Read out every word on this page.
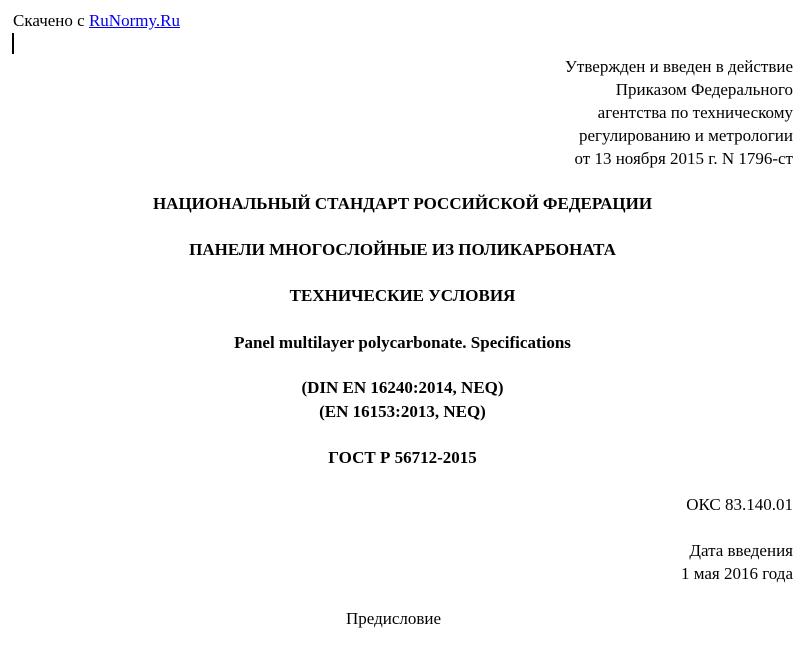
Скачено с RuNormy.Ru
Утвержден и введен в действие
Приказом Федерального
агентства по техническому
регулированию и метрологии
от 13 ноября 2015 г. N 1796-ст
НАЦИОНАЛЬНЫЙ СТАНДАРТ РОССИЙСКОЙ ФЕДЕРАЦИИ
ПАНЕЛИ МНОГОСЛОЙНЫЕ ИЗ ПОЛИКАРБОНАТА
ТЕХНИЧЕСКИЕ УСЛОВИЯ
Panel multilayer polycarbonate. Specifications
(DIN EN 16240:2014, NEQ)
(EN 16153:2013, NEQ)
ГОСТ Р 56712-2015
ОКС 83.140.01
Дата введения
1 мая 2016 года
Предисловие
